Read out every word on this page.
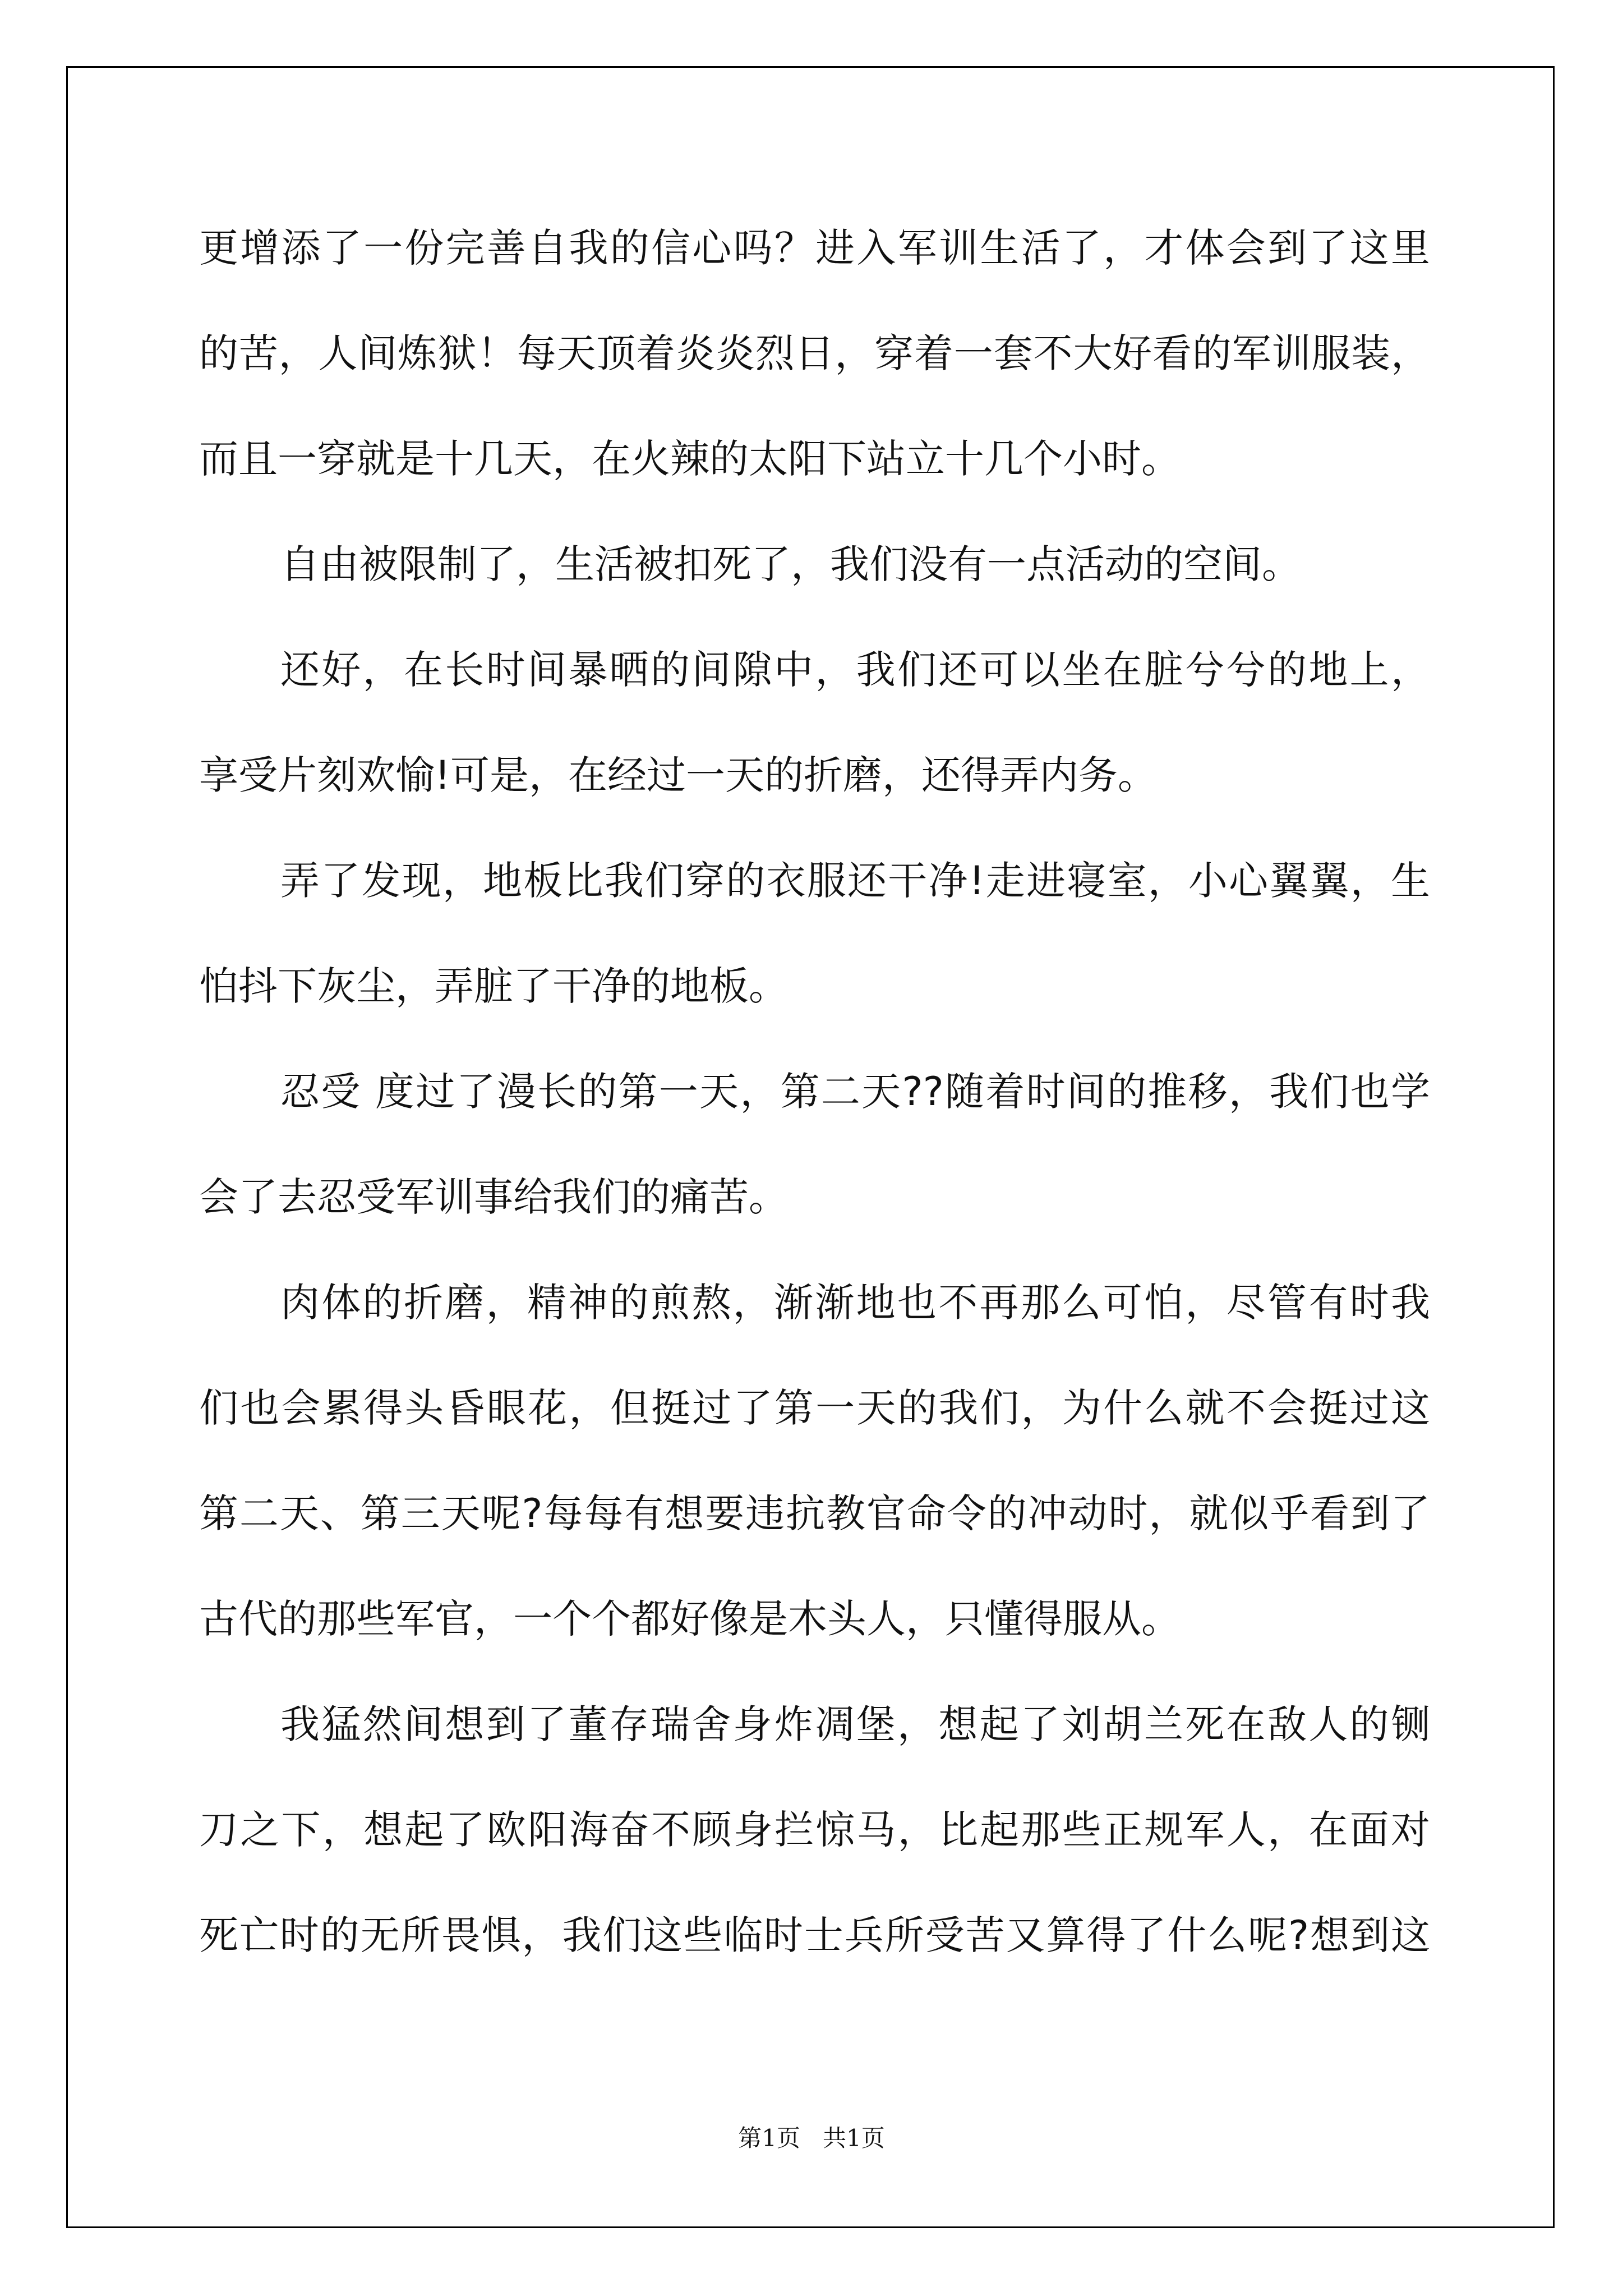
更增添了一份完善自我的信心吗？进入军训生活了，才体会到了这里
的苦，人间炼狱！每天顶着炎炎烈日，穿着一套不大好看的军训服装，
而且一穿就是十几天，在火辣的太阳下站立十几个小时。
自由被限制了，生活被扣死了，我们没有一点活动的空间。
还好，在长时间暴晒的间隙中，我们还可以坐在脏兮兮的地上，
享受片刻欢愉!可是，在经过一天的折磨，还得弄内务。
弄了发现，地板比我们穿的衣服还干净!走进寝室，小心翼翼，生
怕抖下灰尘，弄脏了干净的地板。
忍受 度过了漫长的第一天，第二天??随着时间的推移，我们也学
会了去忍受军训事给我们的痛苦。
肉体的折磨，精神的煎熬，渐渐地也不再那么可怕，尽管有时我
们也会累得头昏眼花，但挺过了第一天的我们，为什么就不会挺过这
第二天、第三天呢?每每有想要违抗教官命令的冲动时，就似乎看到了
古代的那些军官，一个个都好像是木头人，只懂得服从。
我猛然间想到了董存瑞舍身炸凋堡，想起了刘胡兰死在敌人的铡
刀之下，想起了欧阳海奋不顾身拦惊马，比起那些正规军人，在面对
死亡时的无所畏惧，我们这些临时士兵所受苦又算得了什么呢?想到这
第1页   共1页
